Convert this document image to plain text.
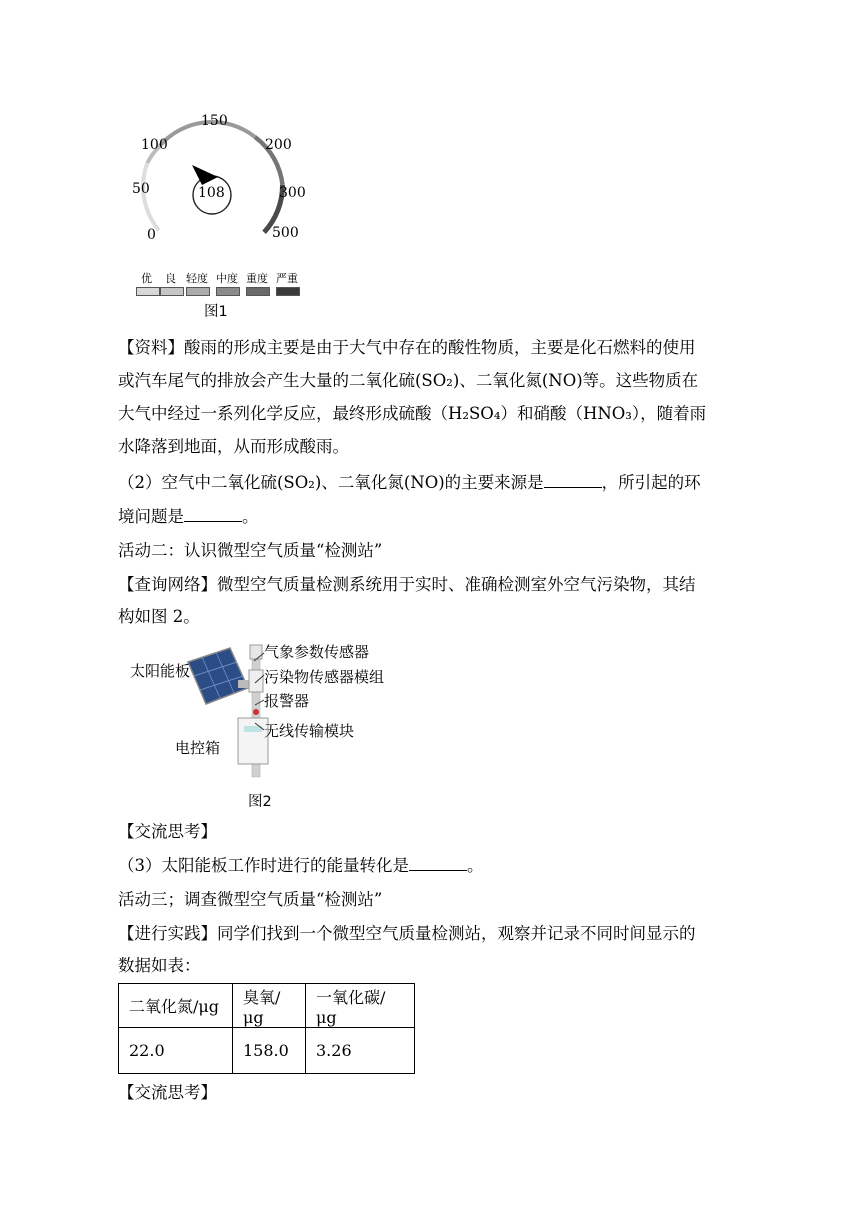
108
0
50
100
150
200
300
500
优 良 轻度 中度 重度 严重
图1
【资料】酸雨的形成主要是由于大气中存在的酸性物质，主要是化石燃料的使用
或汽车尾气的排放会产生大量的二氧化硫(SO₂)、二氧化氮(NO)等。这些物质在
大气中经过一系列化学反应，最终形成硫酸（H₂SO₄）和硝酸（HNO₃），随着雨
水降落到地面，从而形成酸雨。
（2）空气中二氧化硫(SO₂)、二氧化氮(NO)的主要来源是	，所引起的环
境问题是	。
活动二：认识微型空气质量“检测站”
【查询网络】微型空气质量检测系统用于实时、准确检测室外空气污染物，其结
构如图 2。
太阳能板
电控箱
气象参数传感器
污染物传感器模组
报警器
无线传输模块
图2
【交流思考】
（3）太阳能板工作时进行的能量转化是	。
活动三；调查微型空气质量“检测站”
【进行实践】同学们找到一个微型空气质量检测站，观察并记录不同时间显示的
数据如表：
二氧化氮/μg	臭氧/μg	一氧化碳/μg
22.0	158.0	3.26
【交流思考】
